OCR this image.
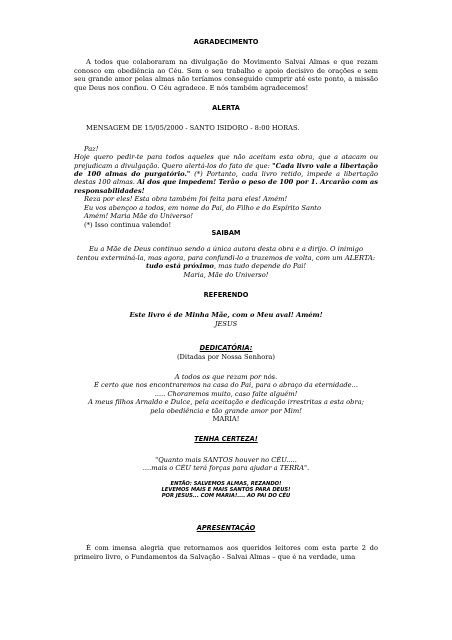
AGRADECIMENTO

A todos que colaboraram na divulgação do Movimento Salvai Almas e que rezam conosco em obediência ao Céu. Sem o seu trabalho e apoio decisivo de orações e sem seu grande amor pelas almas não teríamos conseguido cumprir até este ponto, a missão que Deus nos confiou. O Céu agradece. E nós também agradecemos!

ALERTA

MENSAGEM DE 15/05/2000 - SANTO ISIDORO - 8:00 HORAS.

Paz!

Hoje quero pedir-te para todos aqueles que não aceitam esta obra, que a atacam ou prejudicam a divulgação. Quero alertá-los do fato de que: "Cada livro vale a libertação de 100 almas do purgatório." (*) Portanto, cada livro retido, impede a libertação destas 100 almas. Ai dos que impedem! Terão o peso de 100 por 1. Arcarão com as responsabilidades!

Reza por eles! Esta obra também foi feita para eles! Amém!

Eu vos abençoo a todos, em nome do Pai, do Filho e do Espírito Santo

Amém! Maria Mãe do Universo!

(*) Isso continua valendo!

SAIBAM

Eu a Mãe de Deus continuo sendo a única autora desta obra e a dirijo. O inimigo

tentou exterminá-la, mas agora, para confundi-lo a trazemos de volta, com um ALERTA:

tudo está próximo, mas tudo depende do Pai!

Maria, Mãe do Universo!

REFERENDO

Este livro é de Minha Mãe, com o Meu aval! Amém!

JESUS

DEDICATÓRIA:

(Ditadas por Nossa Senhora)

A todos os que rezam por nós.

É certo que nos encontraremos na casa do Pai, para o abraço da eternidade...

..... Choraremos muito, caso falte alguém!

A meus filhos Arnaldo e Dulce, pela aceitação e dedicação irrestritas a esta obra;

pela obediência e tão grande amor por Mim!

MARIA!

TENHA CERTEZA!

"Quanto mais SANTOS houver no CÉU.....

....mais o CÉU terá forças para ajudar a TERRA".

ENTÃO: SALVEMOS ALMAS, REZANDO!

LEVEMOS MAIS E MAIS SANTOS PARA DEUS!

POR JESUS... COM MARIA!.... AO PAI DO CÉU

APRESENTAÇÃO

É com imensa alegria que retornamos aos queridos leitores com esta parte 2 do primeiro livro, o Fundamentos da Salvação - Salvai Almas – que é na verdade, uma
